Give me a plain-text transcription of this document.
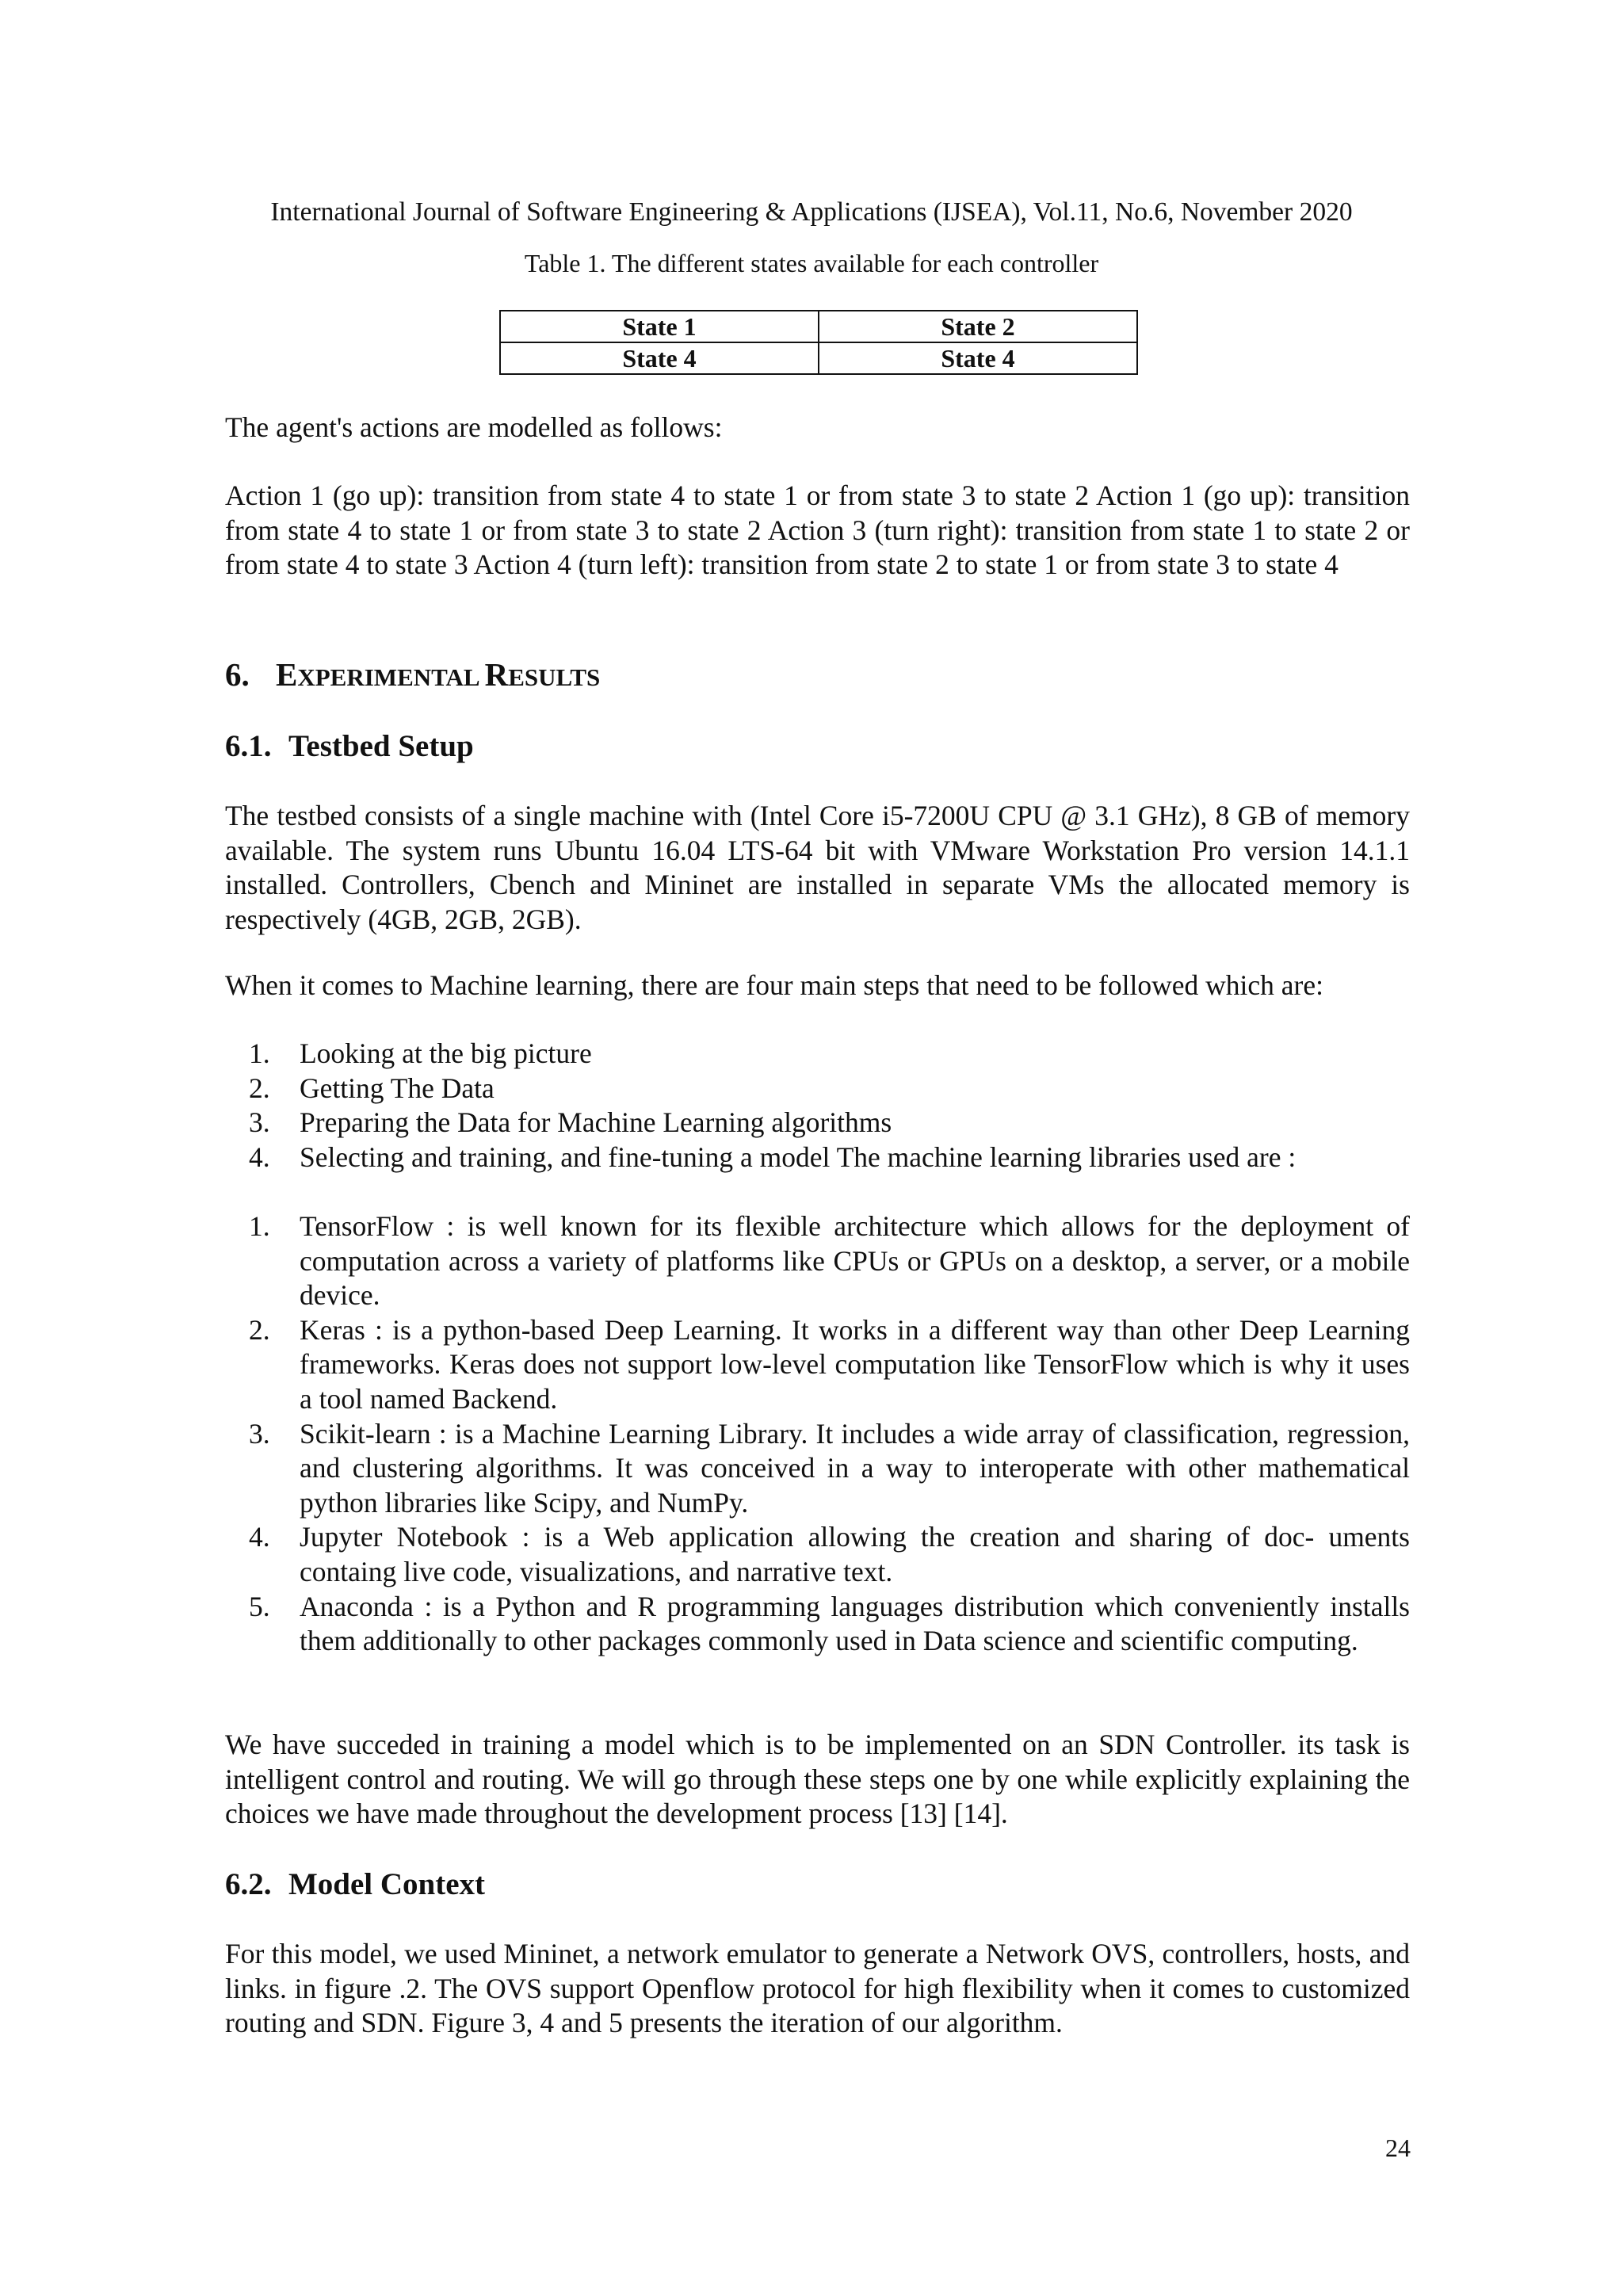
International Journal of Software Engineering & Applications (IJSEA), Vol.11, No.6, November 2020

Table 1. The different states available for each controller

State 1	State 2
State 4	State 4

The agent's actions are modelled as follows:

Action 1 (go up): transition from state 4 to state 1 or from state 3 to state 2 Action 1 (go up): transition from state 4 to state 1 or from state 3 to state 2 Action 3 (turn right): transition from state 1 to state 2 or from state 4 to state 3 Action 4 (turn left): transition from state 2 to state 1 or from state 3 to state 4

6. EXPERIMENTAL RESULTS
6.1. Testbed Setup

The testbed consists of a single machine with (Intel Core i5-7200U CPU @ 3.1 GHz), 8 GB of memory available. The system runs Ubuntu 16.04 LTS-64 bit with VMware Workstation Pro version 14.1.1 installed. Controllers, Cbench and Mininet are installed in separate VMs the allocated memory is respectively (4GB, 2GB, 2GB).

When it comes to Machine learning, there are four main steps that need to be followed which are:

1. Looking at the big picture
2. Getting The Data
3. Preparing the Data for Machine Learning algorithms
4. Selecting and training, and fine-tuning a model The machine learning libraries used are :
1. TensorFlow : is well known for its flexible architecture which allows for the deployment of computation across a variety of platforms like CPUs or GPUs on a desktop, a server, or a mobile device.
2. Keras : is a python-based Deep Learning. It works in a different way than other Deep Learning frameworks. Keras does not support low-level computation like TensorFlow which is why it uses a tool named Backend.
3. Scikit-learn : is a Machine Learning Library. It includes a wide array of classification, regression, and clustering algorithms. It was conceived in a way to interoperate with other mathematical python libraries like Scipy, and NumPy.
4. Jupyter Notebook : is a Web application allowing the creation and sharing of doc- uments containg live code, visualizations, and narrative text.
5. Anaconda : is a Python and R programming languages distribution which conveniently installs them additionally to other packages commonly used in Data science and scientific computing.

We have succeded in training a model which is to be implemented on an SDN Controller. its task is intelligent control and routing. We will go through these steps one by one while explicitly explaining the choices we have made throughout the development process [13] [14].

6.2. Model Context

For this model, we used Mininet, a network emulator to generate a Network OVS, controllers, hosts, and links. in figure .2. The OVS support Openflow protocol for high flexibility when it comes to customized routing and SDN. Figure 3, 4 and 5 presents the iteration of our algorithm.

24
